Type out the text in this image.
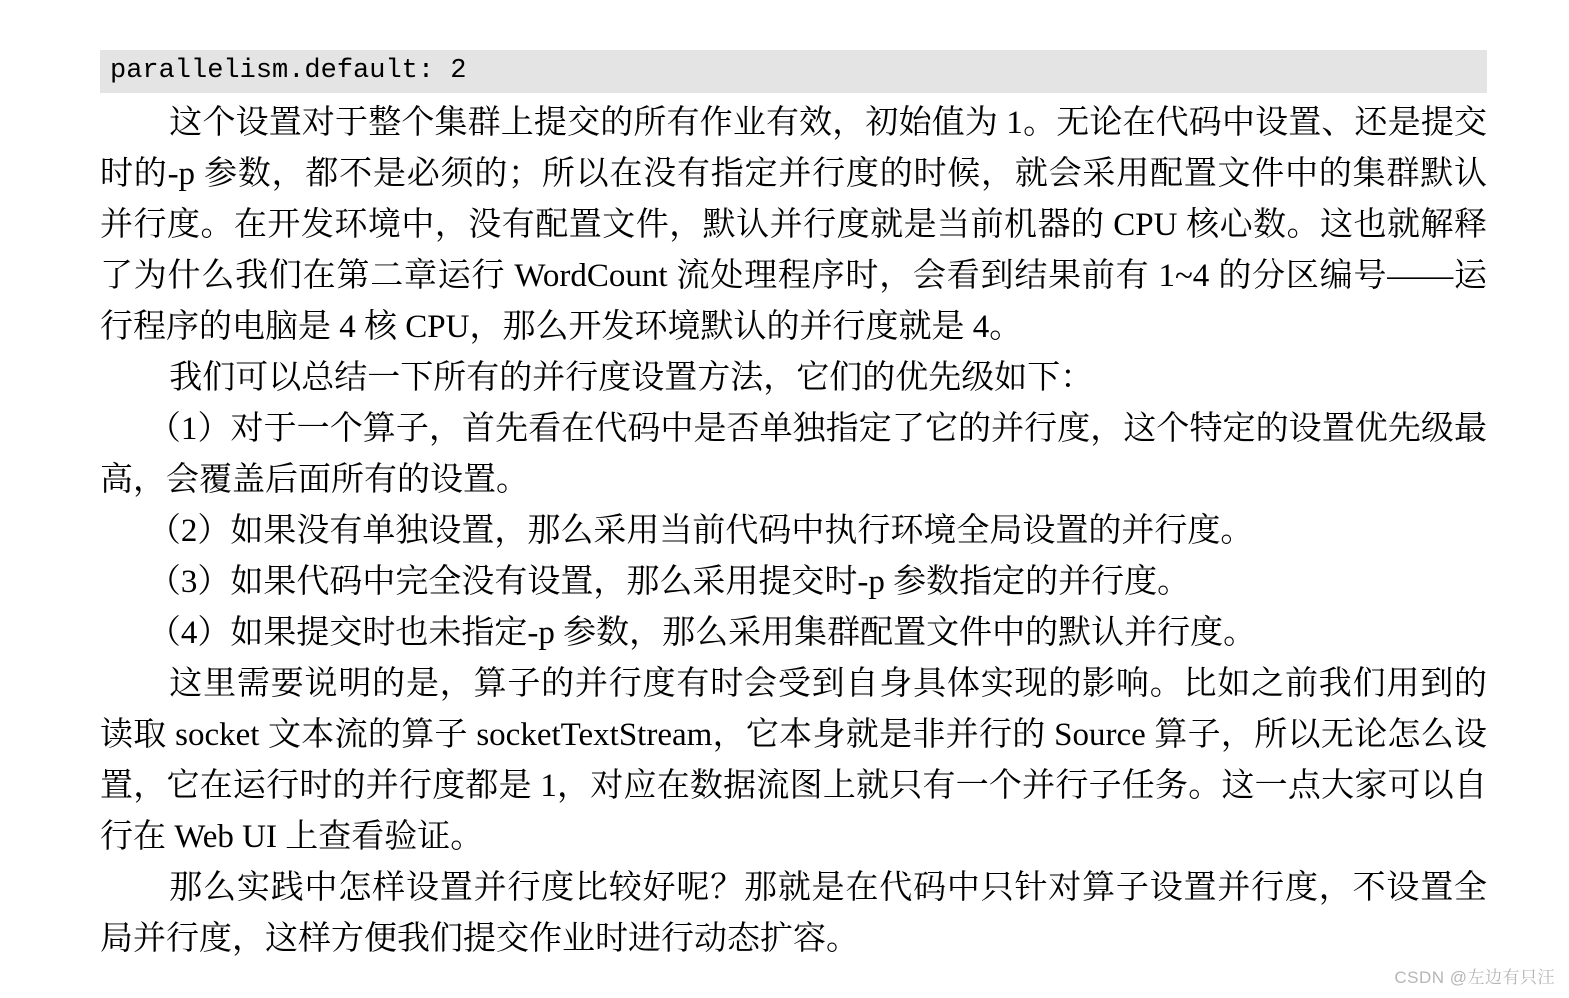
parallelism.default: 2

这个设置对于整个集群上提交的所有作业有效，初始值为 1。无论在代码中设置、还是提交时的-p 参数，都不是必须的；所以在没有指定并行度的时候，就会采用配置文件中的集群默认并行度。在开发环境中，没有配置文件，默认并行度就是当前机器的 CPU 核心数。这也就解释了为什么我们在第二章运行 WordCount 流处理程序时，会看到结果前有 1~4 的分区编号——运行程序的电脑是 4 核 CPU，那么开发环境默认的并行度就是 4。

我们可以总结一下所有的并行度设置方法，它们的优先级如下：

（1）对于一个算子，首先看在代码中是否单独指定了它的并行度，这个特定的设置优先级最高，会覆盖后面所有的设置。

（2）如果没有单独设置，那么采用当前代码中执行环境全局设置的并行度。

（3）如果代码中完全没有设置，那么采用提交时-p 参数指定的并行度。

（4）如果提交时也未指定-p 参数，那么采用集群配置文件中的默认并行度。

这里需要说明的是，算子的并行度有时会受到自身具体实现的影响。比如之前我们用到的读取 socket 文本流的算子 socketTextStream，它本身就是非并行的 Source 算子，所以无论怎么设置，它在运行时的并行度都是 1，对应在数据流图上就只有一个并行子任务。这一点大家可以自行在 Web UI 上查看验证。

那么实践中怎样设置并行度比较好呢？那就是在代码中只针对算子设置并行度，不设置全局并行度，这样方便我们提交作业时进行动态扩容。

CSDN @左边有只汪
